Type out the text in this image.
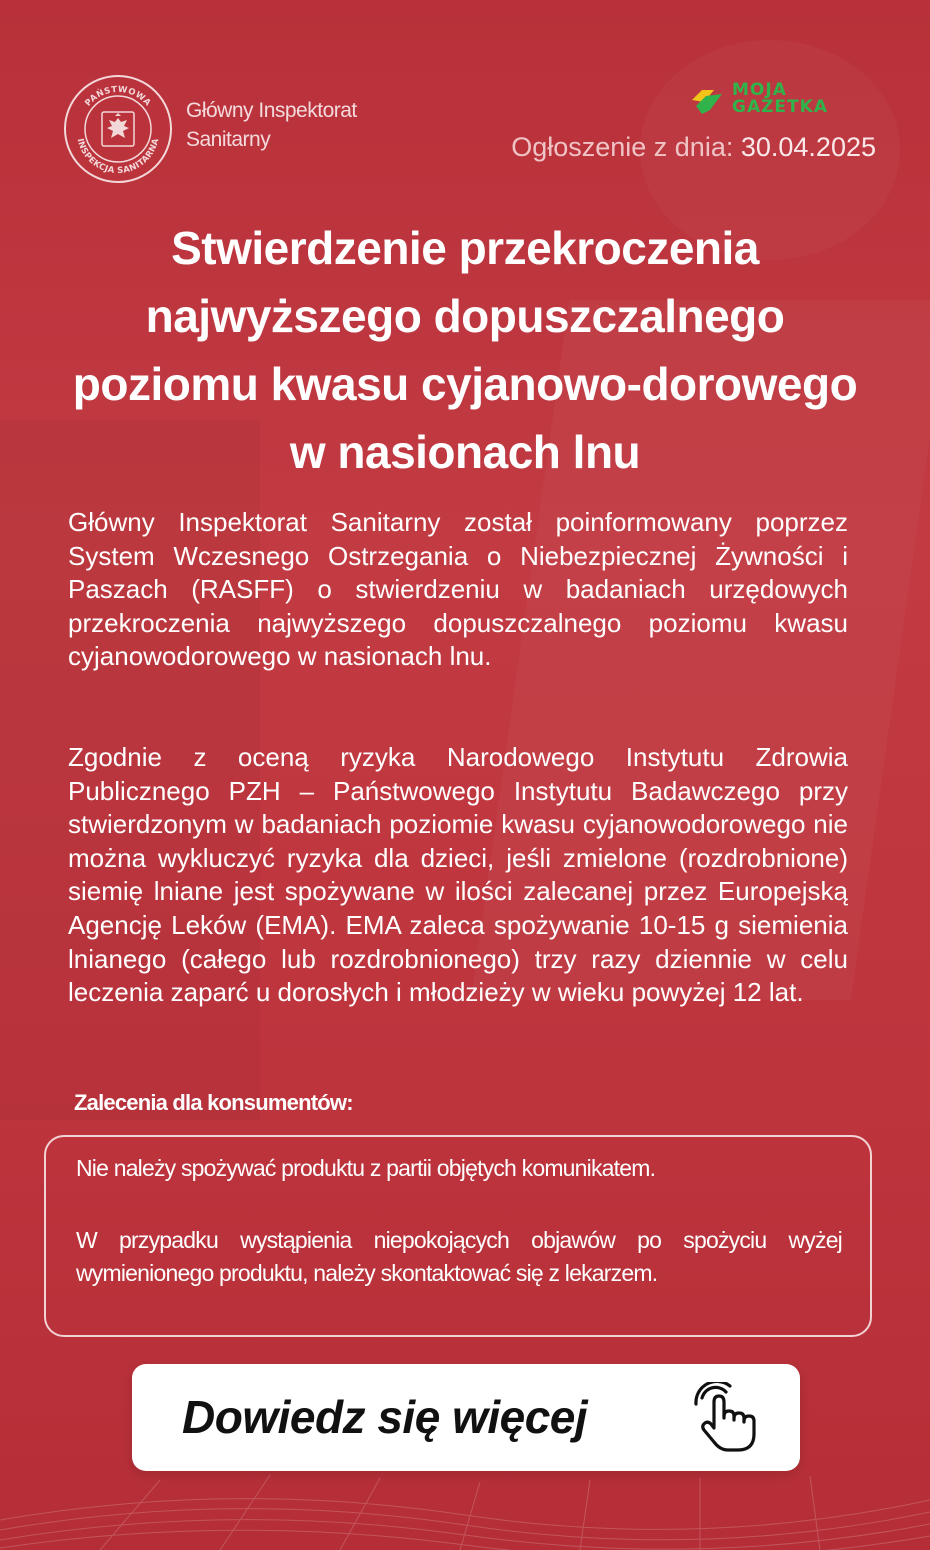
PAŃSTWOWA
INSPEKCJA SANITARNA
Główny Inspektorat
Sanitarny
MOJA
GAZETKA
Ogłoszenie z dnia: 30.04.2025
Stwierdzenie przekroczenia najwyższego dopuszczalnego poziomu kwasu cyjanowo-dorowego w nasionach lnu

Główny Inspektorat Sanitarny został poinformowany poprzez System Wczesnego Ostrzegania o Niebezpiecznej Żywności i Paszach (RASFF) o stwierdzeniu w badaniach urzędowych przekroczenia najwyższego dopuszczalnego poziomu kwasu cyjanowodorowego w nasionach lnu.

Zgodnie z oceną ryzyka Narodowego Instytutu Zdrowia Publicznego PZH – Państwowego Instytutu Badawczego przy stwierdzonym w badaniach poziomie kwasu cyjanowodorowego nie można wykluczyć ryzyka dla dzieci, jeśli zmielone (rozdrobnione) siemię lniane jest spożywane w ilości zalecanej przez Europejską Agencję Leków (EMA). EMA zaleca spożywanie 10-15 g siemienia lnianego (całego lub rozdrobnionego) trzy razy dziennie w celu leczenia zaparć u dorosłych i młodzieży w wieku powyżej 12 lat.

Zalecenia dla konsumentów:

Nie należy spożywać produktu z partii objętych komunikatem.

W przypadku wystąpienia niepokojących objawów po spożyciu wyżej wymienionego produktu, należy skontaktować się z lekarzem.

Dowiedz się więcej
